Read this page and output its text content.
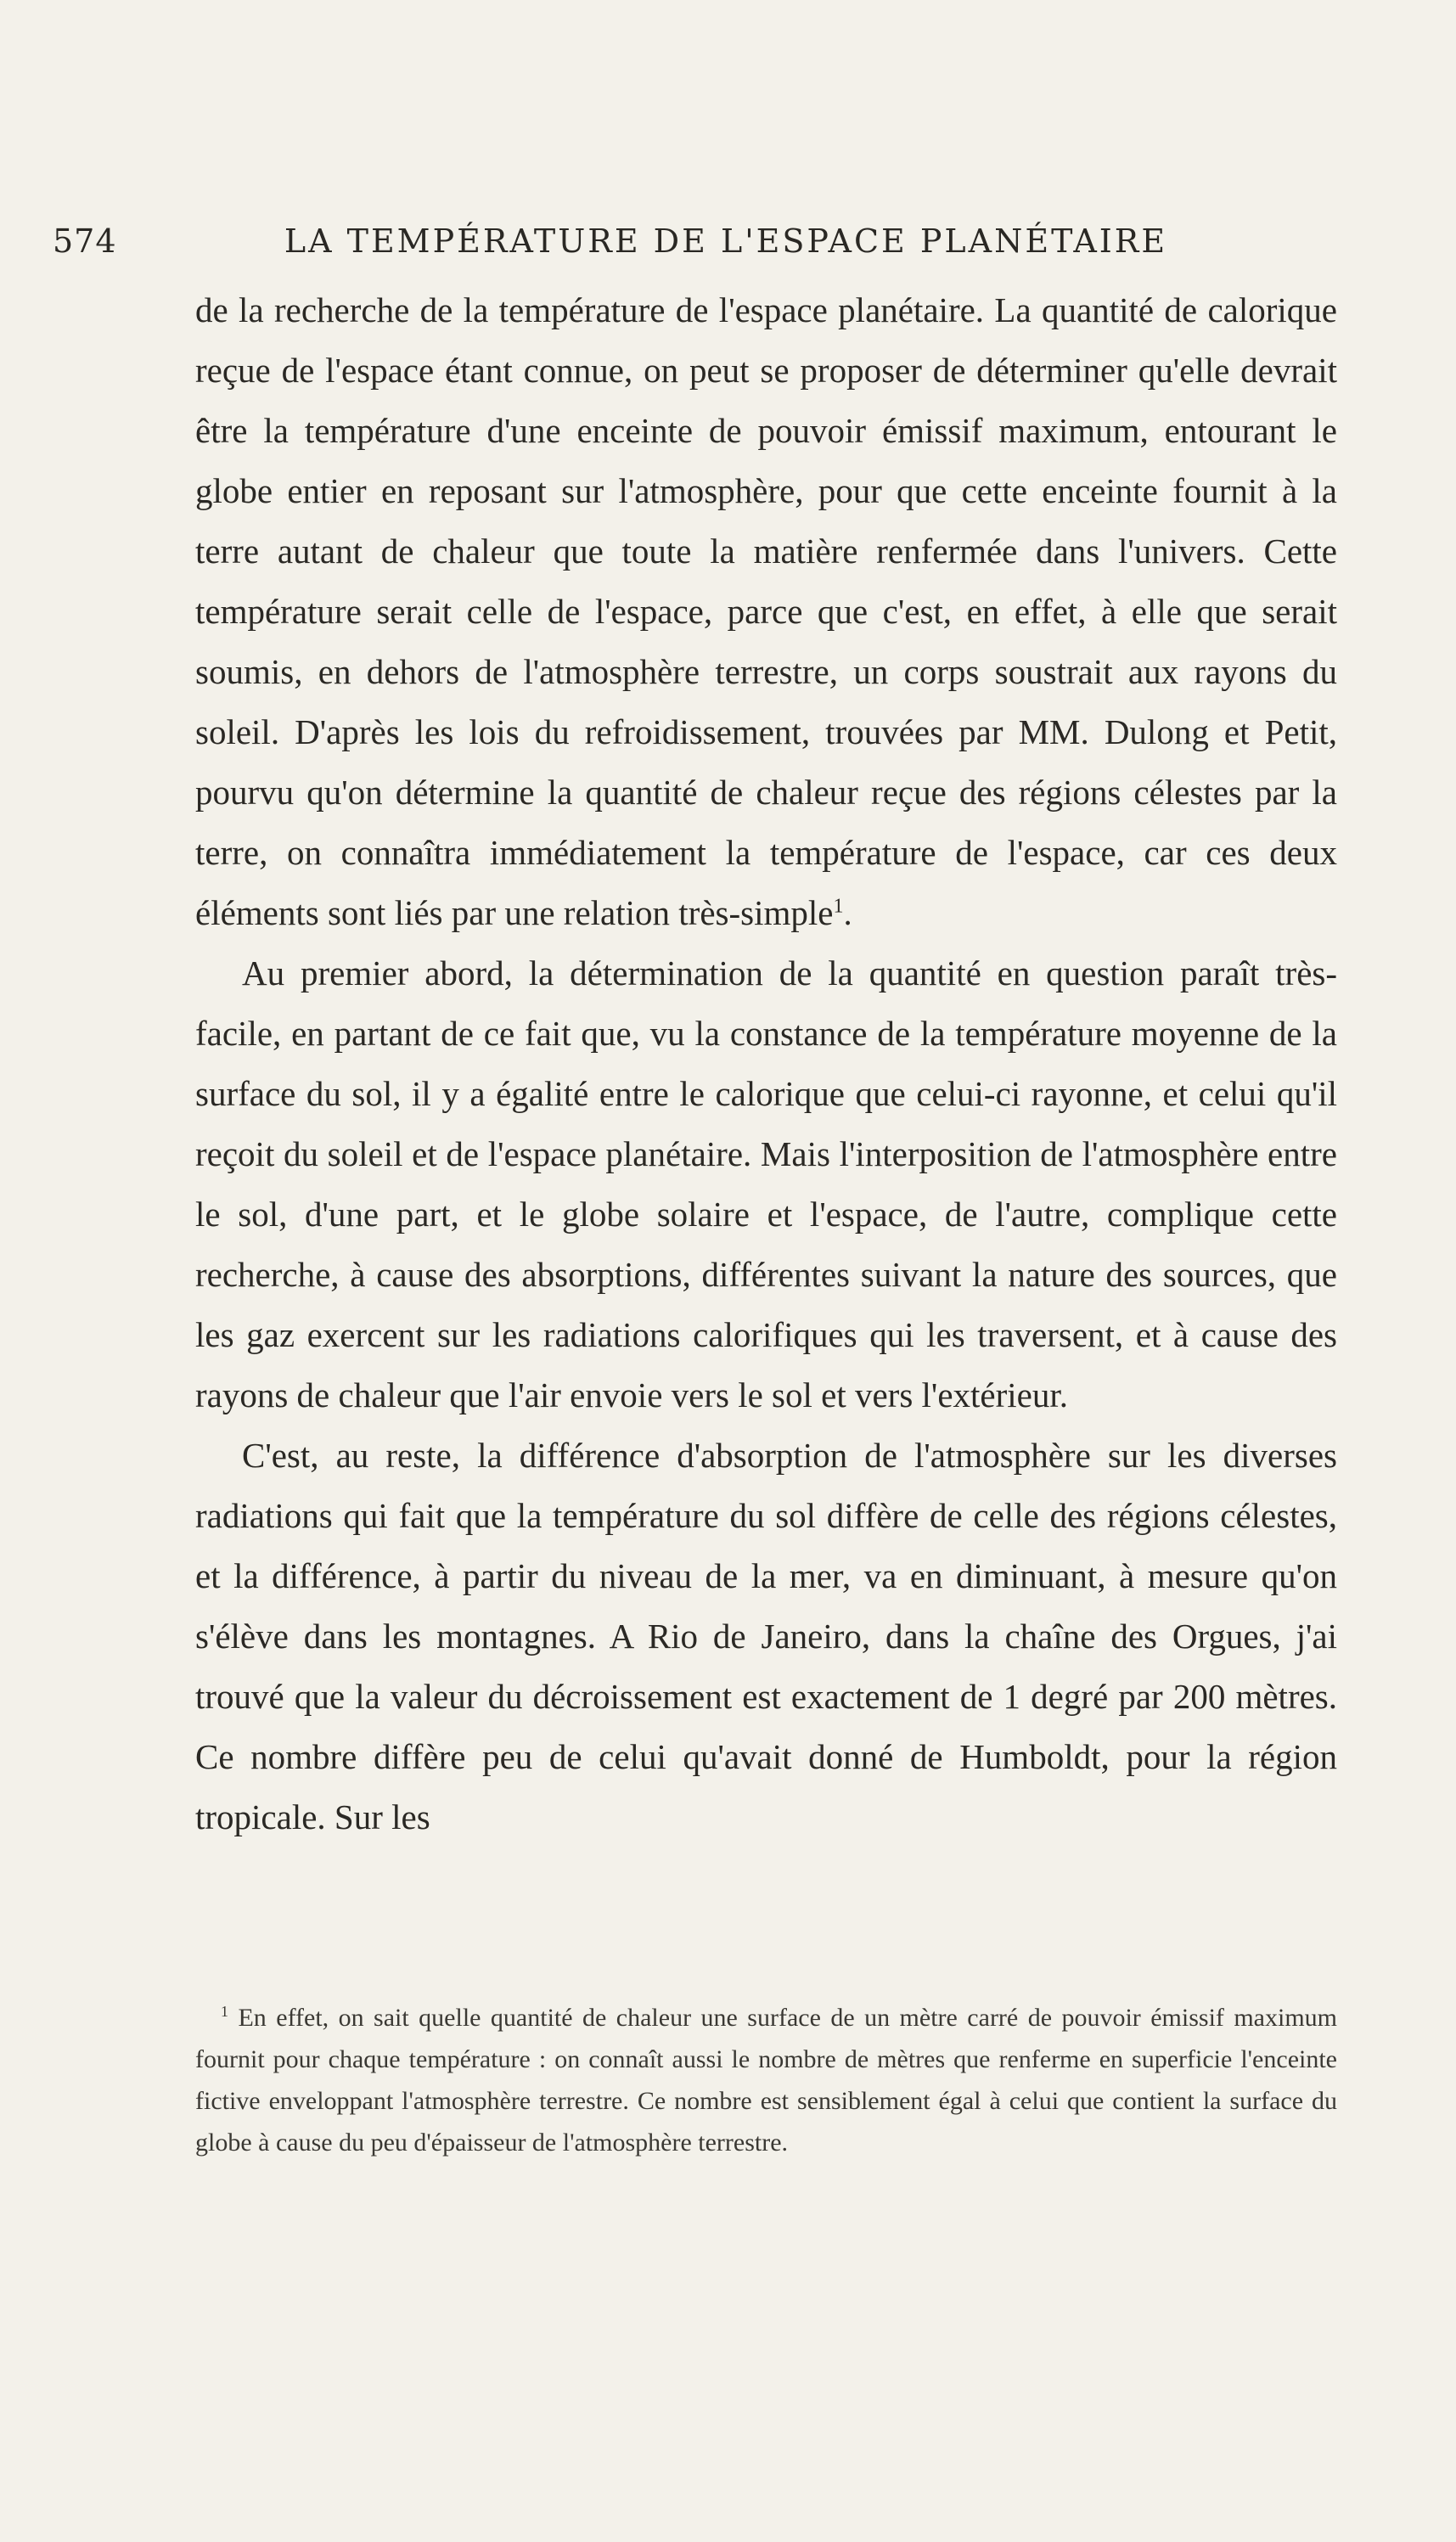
574	LA TEMPÉRATURE DE L'ESPACE PLANÉTAIRE

de la recherche de la température de l'espace planétaire. La quantité de calorique reçue de l'espace étant connue, on peut se proposer de déterminer qu'elle devrait être la température d'une enceinte de pouvoir émissif maximum, entourant le globe entier en reposant sur l'atmosphère, pour que cette enceinte fournit à la terre autant de chaleur que toute la matière renfermée dans l'univers. Cette température serait celle de l'espace, parce que c'est, en effet, à elle que serait soumis, en dehors de l'atmosphère terrestre, un corps soustrait aux rayons du soleil. D'après les lois du refroidissement, trouvées par MM. Dulong et Petit, pourvu qu'on détermine la quantité de chaleur reçue des régions célestes par la terre, on connaîtra immédiatement la température de l'espace, car ces deux éléments sont liés par une relation très-simple$^1$.

Au premier abord, la détermination de la quantité en question paraît très-facile, en partant de ce fait que, vu la constance de la température moyenne de la surface du sol, il y a égalité entre le calorique que celui-ci rayonne, et celui qu'il reçoit du soleil et de l'espace planétaire. Mais l'interposition de l'atmosphère entre le sol, d'une part, et le globe solaire et l'espace, de l'autre, complique cette recherche, à cause des absorptions, différentes suivant la nature des sources, que les gaz exercent sur les radiations calorifiques qui les traversent, et à cause des rayons de chaleur que l'air envoie vers le sol et vers l'extérieur.

C'est, au reste, la différence d'absorption de l'atmosphère sur les diverses radiations qui fait que la température du sol diffère de celle des régions célestes, et la différence, à partir du niveau de la mer, va en diminuant, à mesure qu'on s'élève dans les montagnes. A Rio de Janeiro, dans la chaîne des Orgues, j'ai trouvé que la valeur du décroissement est exactement de 1 degré par 200 mètres. Ce nombre diffère peu de celui qu'avait donné de Humboldt, pour la région tropicale. Sur les

$^1$ En effet, on sait quelle quantité de chaleur une surface de un mètre carré de pouvoir émissif maximum fournit pour chaque température : on connaît aussi le nombre de mètres que renferme en superficie l'enceinte fictive enveloppant l'atmosphère terrestre. Ce nombre est sensiblement égal à celui que contient la surface du globe à cause du peu d'épaisseur de l'atmosphère terrestre.
